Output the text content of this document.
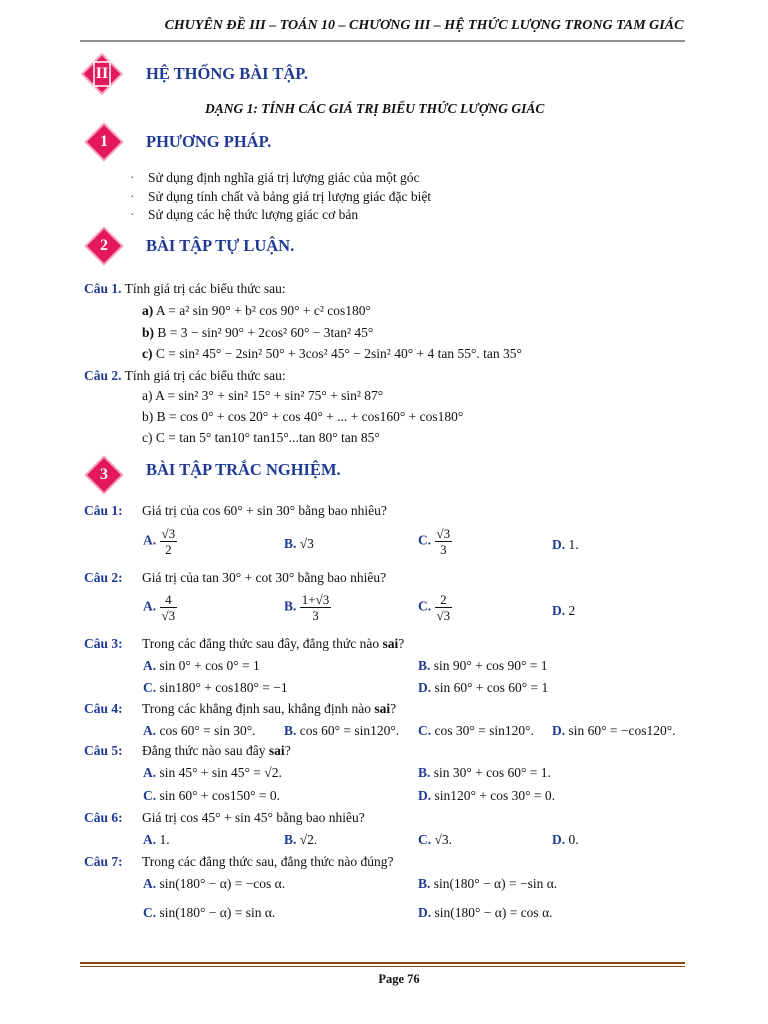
CHUYÊN ĐỀ III – TOÁN 10 – CHƯƠNG III – HỆ THỨC LƯỢNG TRONG TAM GIÁC
II	HỆ THỐNG BÀI TẬP.
DẠNG 1: TÍNH CÁC GIÁ TRỊ BIỂU THỨC LƯỢNG GIÁC
1	PHƯƠNG PHÁP.
· Sử dụng định nghĩa giá trị lượng giác của một góc
· Sử dụng tính chất và bảng giá trị lượng giác đặc biệt
· Sử dụng các hệ thức lượng giác cơ bản
2	BÀI TẬP TỰ LUẬN.
Câu 1. Tính giá trị các biểu thức sau:
a) A = a² sin 90° + b² cos 90° + c² cos180°
b) B = 3 − sin² 90° + 2cos² 60° − 3tan² 45°
c) C = sin² 45° − 2sin² 50° + 3cos² 45° − 2sin² 40° + 4 tan 55°. tan 35°
Câu 2. Tính giá trị các biểu thức sau:
a) A = sin² 3° + sin² 15° + sin² 75° + sin² 87°
b) B = cos 0° + cos 20° + cos 40° + ... + cos160° + cos180°
c) C = tan 5° tan10° tan15°...tan 80° tan 85°
3	BÀI TẬP TRẮC NGHIỆM.
Câu 1: Giá trị của cos 60° + sin 30° bằng bao nhiêu?
A. $\frac{√3}{2}$	B. √3	C. $\frac{√3}{3}$	D. 1.
Câu 2: Giá trị của tan 30° + cot 30° bằng bao nhiêu?
A. $\frac{4}{√3}$	B. $\frac{1+√3}{3}$	C. $\frac{2}{√3}$	D. 2
Câu 3: Trong các đẳng thức sau đây, đẳng thức nào sai?
A. sin 0° + cos 0° = 1	B. sin 90° + cos 90° = 1
C. sin180° + cos180° = −1	D. sin 60° + cos 60° = 1
Câu 4: Trong các khẳng định sau, khẳng định nào sai?
A. cos 60° = sin 30°. B. cos 60° = sin120°. C. cos 30° = sin120°. D. sin 60° = −cos120°.
Câu 5: Đẳng thức nào sau đây sai?
A. sin 45° + sin 45° = √2.	B. sin 30° + cos 60° = 1.
C. sin 60° + cos150° = 0.	D. sin120° + cos 30° = 0.
Câu 6: Giá trị cos 45° + sin 45° bằng bao nhiêu?
A. 1.	B. √2.	C. √3.	D. 0.
Câu 7: Trong các đẳng thức sau, đẳng thức nào đúng?
A. sin(180° − α) = −cos α.	B. sin(180° − α) = −sin α.
C. sin(180° − α) = sin α.	D. sin(180° − α) = cos α.
Page 76
